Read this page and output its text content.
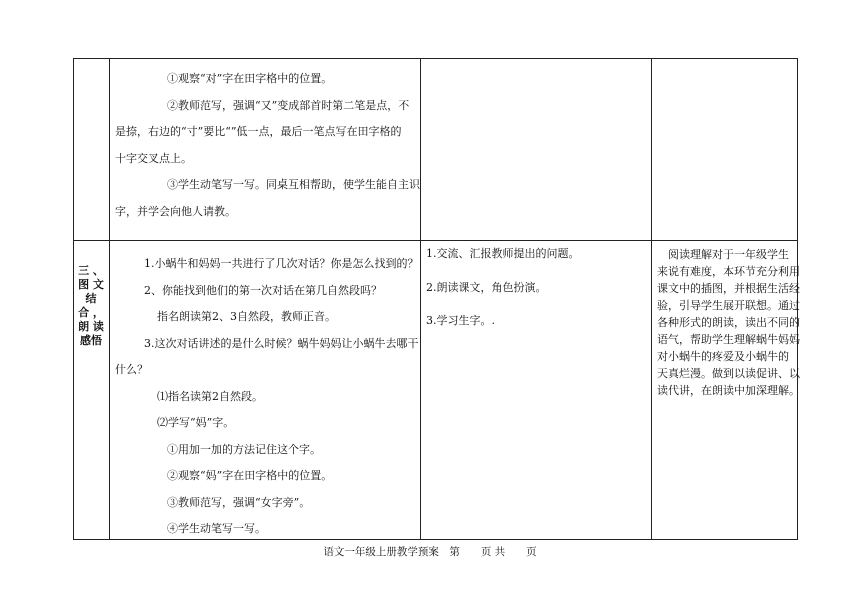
①观察“对”字在田字格中的位置。
②教师范写，强调“又”变成部首时第二笔是点，不
是捺，右边的“寸”要比“”低一点，最后一笔点写在田字格的
十字交叉点上。
③学生动笔写一写。同桌互相帮助，使学生能自主识
字，并学会向他人请教。
三 、
图 文
结
合 ，
朗 读
感悟
1.小蜗牛和妈妈一共进行了几次对话？你是怎么找到的？
2、你能找到他们的第一次对话在第几自然段吗？
指名朗读第2、3自然段，教师正音。
3.这次对话讲述的是什么时候？蜗牛妈妈让小蜗牛去哪干
什么？
⑴指名读第2自然段。
⑵学写“妈”字。
①用加一加的方法记住这个字。
②观察“妈”字在田字格中的位置。
③教师范写，强调“女字旁”。
④学生动笔写一写。
1.交流、汇报教师提出的问题。
2.朗读课文，角色扮演。
3.学习生字。.
阅读理解对于一年级学生
来说有难度，本环节充分利用
课文中的插图，并根据生活经
验，引导学生展开联想。通过
各种形式的朗读，读出不同的
语气，帮助学生理解蜗牛妈妈
对小蜗牛的疼爱及小蜗牛的
天真烂漫。做到以读促讲、以
读代讲，在朗读中加深理解。
语文一年级上册教学预案　第　　页 共　　页
